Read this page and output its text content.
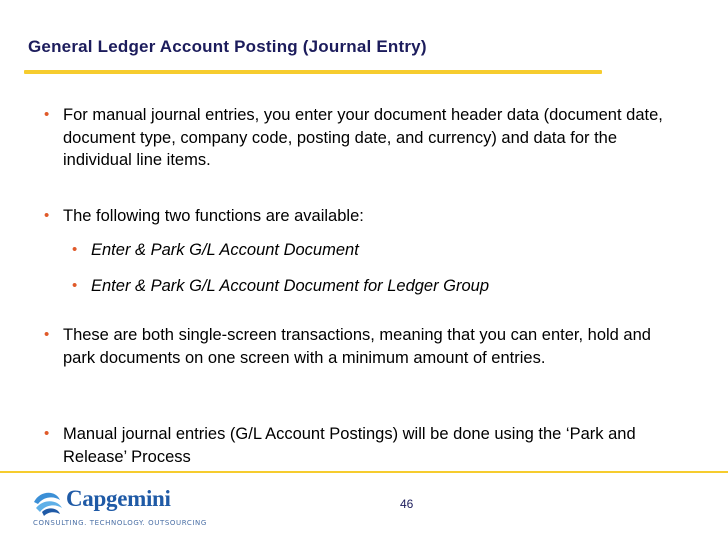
General Ledger Account Posting (Journal Entry)
• For manual journal entries, you enter your document header data (document date, document type, company code, posting date, and currency) and data for the individual line items.
• The following two functions are available:
• Enter & Park G/L Account Document
• Enter & Park G/L Account Document for Ledger Group
• These are both single-screen transactions, meaning that you can enter, hold and park documents on one screen with a minimum amount of entries.
• Manual journal entries (G/L Account Postings) will be done using the ‘Park and Release’ Process
Capgemini
CONSULTING. TECHNOLOGY. OUTSOURCING
46
